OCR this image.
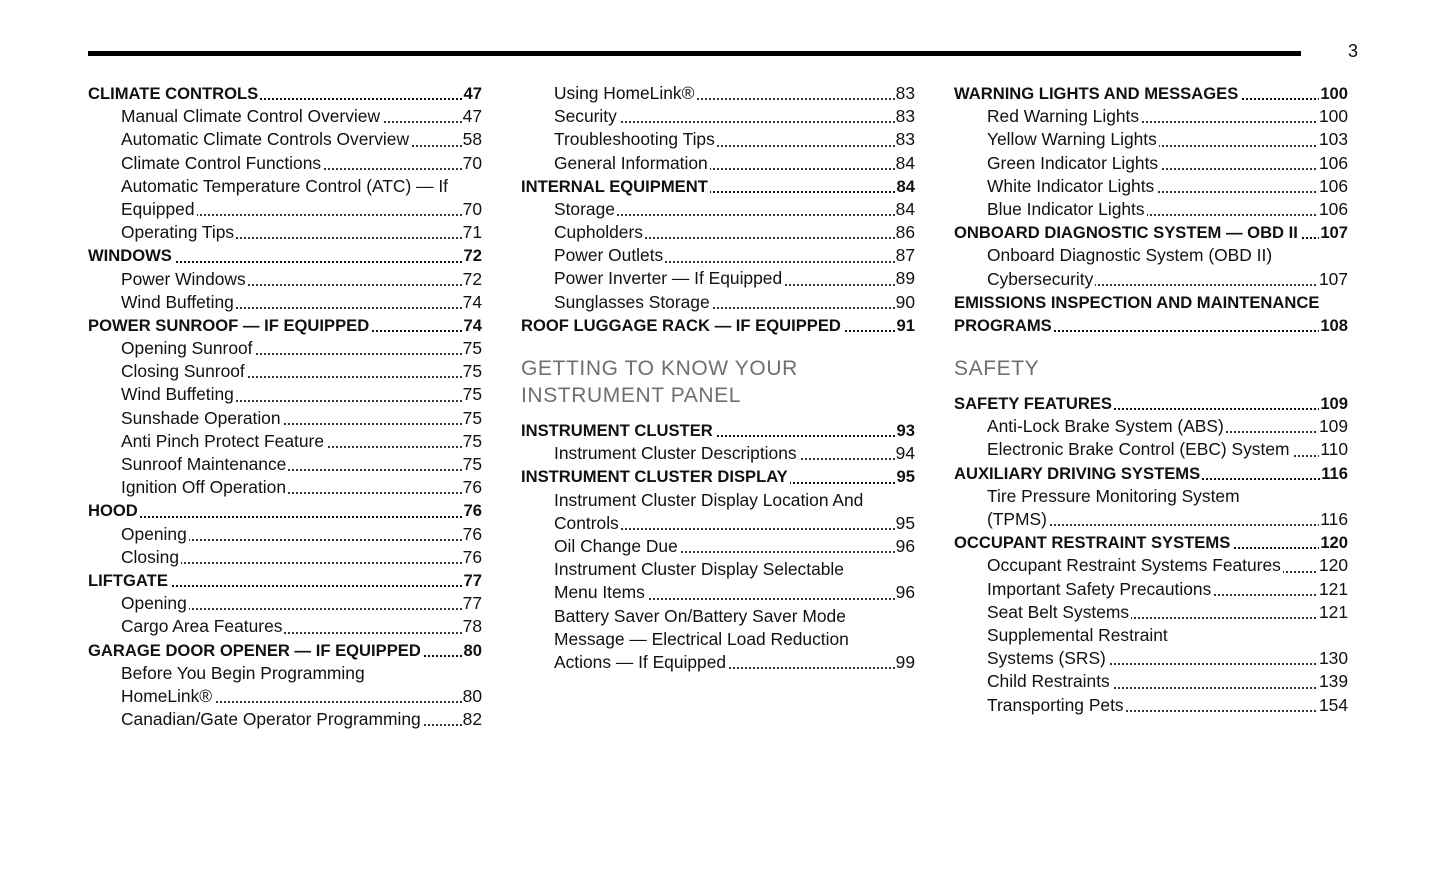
3
CLIMATE CONTROLS	47
Manual Climate Control Overview	47
Automatic Climate Controls Overview	58
Climate Control Functions	70
Automatic Temperature Control (ATC) — If
Equipped	70
Operating Tips	71
WINDOWS	72
Power Windows	72
Wind Buffeting	74
POWER SUNROOF — IF EQUIPPED	74
Opening Sunroof	75
Closing Sunroof	75
Wind Buffeting	75
Sunshade Operation	75
Anti Pinch Protect Feature	75
Sunroof Maintenance	75
Ignition Off Operation	76
HOOD	76
Opening	76
Closing	76
LIFTGATE	77
Opening	77
Cargo Area Features	78
GARAGE DOOR OPENER — IF EQUIPPED	80
Before You Begin Programming
HomeLink®	80
Canadian/Gate Operator Programming 82
Using HomeLink®	83
Security	83
Troubleshooting Tips	83
General Information	84
INTERNAL EQUIPMENT	84
Storage	84
Cupholders	86
Power Outlets	87
Power Inverter — If Equipped	89
Sunglasses Storage	90
ROOF LUGGAGE RACK — IF EQUIPPED	91
GETTING TO KNOW YOUR
INSTRUMENT PANEL
INSTRUMENT CLUSTER	93
Instrument Cluster Descriptions	94
INSTRUMENT CLUSTER DISPLAY	95
Instrument Cluster Display Location And
Controls	95
Oil Change Due	96
Instrument Cluster Display Selectable
Menu Items	96
Battery Saver On/Battery Saver Mode
Message — Electrical Load Reduction
Actions — If Equipped	99
WARNING LIGHTS AND MESSAGES	100
Red Warning Lights	100
Yellow Warning Lights	103
Green Indicator Lights	106
White Indicator Lights	106
Blue Indicator Lights	106
ONBOARD DIAGNOSTIC SYSTEM — OBD II 107
Onboard Diagnostic System (OBD II)
Cybersecurity	107
EMISSIONS INSPECTION AND MAINTENANCE
PROGRAMS	108
SAFETY
SAFETY FEATURES	109
Anti-Lock Brake System (ABS)	109
Electronic Brake Control (EBC) System 110
AUXILIARY DRIVING SYSTEMS	116
Tire Pressure Monitoring System
(TPMS)	116
OCCUPANT RESTRAINT SYSTEMS	120
Occupant Restraint Systems Features 120
Important Safety Precautions	121
Seat Belt Systems	121
Supplemental Restraint
Systems (SRS)	130
Child Restraints	139
Transporting Pets	154
